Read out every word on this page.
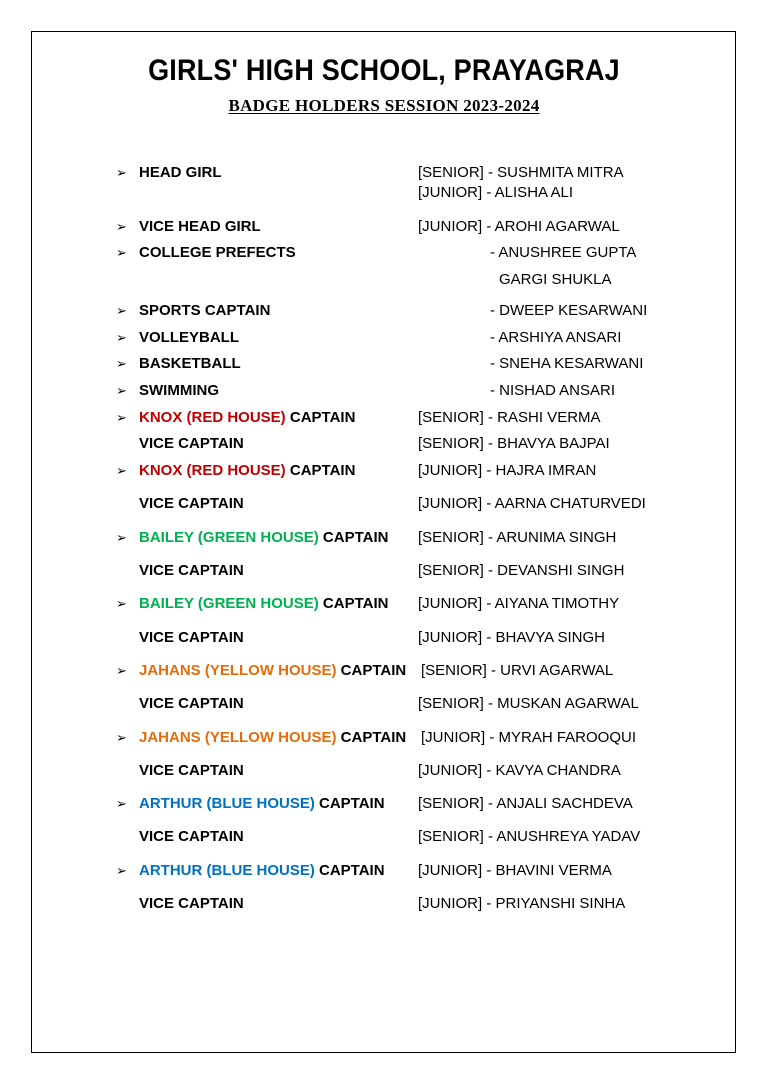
GIRLS' HIGH SCHOOL, PRAYAGRAJ
BADGE HOLDERS SESSION 2023-2024
➢ HEAD GIRL	[SENIOR] - SUSHMITA MITRA
[JUNIOR] - ALISHA ALI
➢ VICE HEAD GIRL	[JUNIOR] - AROHI AGARWAL
➢ COLLEGE PREFECTS	- ANUSHREE GUPTA
GARGI SHUKLA
➢ SPORTS CAPTAIN	- DWEEP KESARWANI
➢ VOLLEYBALL	- ARSHIYA ANSARI
➢ BASKETBALL	- SNEHA KESARWANI
➢ SWIMMING	- NISHAD ANSARI
➢ KNOX (RED HOUSE) CAPTAIN	[SENIOR] - RASHI VERMA
VICE CAPTAIN	[SENIOR] - BHAVYA BAJPAI
➢ KNOX (RED HOUSE) CAPTAIN	[JUNIOR] - HAJRA IMRAN
VICE CAPTAIN	[JUNIOR] - AARNA CHATURVEDI
➢ BAILEY (GREEN HOUSE) CAPTAIN [SENIOR] - ARUNIMA SINGH
VICE CAPTAIN	[SENIOR] - DEVANSHI SINGH
➢ BAILEY (GREEN HOUSE) CAPTAIN [JUNIOR] - AIYANA TIMOTHY
VICE CAPTAIN	[JUNIOR] - BHAVYA SINGH
➢ JAHANS (YELLOW HOUSE) CAPTAIN [SENIOR] - URVI AGARWAL
VICE CAPTAIN	[SENIOR] - MUSKAN AGARWAL
➢ JAHANS (YELLOW HOUSE) CAPTAIN [JUNIOR] - MYRAH FAROOQUI
VICE CAPTAIN	[JUNIOR] - KAVYA CHANDRA
➢ ARTHUR (BLUE HOUSE) CAPTAIN [SENIOR] - ANJALI SACHDEVA
VICE CAPTAIN	[SENIOR] - ANUSHREYA YADAV
➢ ARTHUR (BLUE HOUSE) CAPTAIN [JUNIOR] - BHAVINI VERMA
VICE CAPTAIN	[JUNIOR] - PRIYANSHI SINHA
